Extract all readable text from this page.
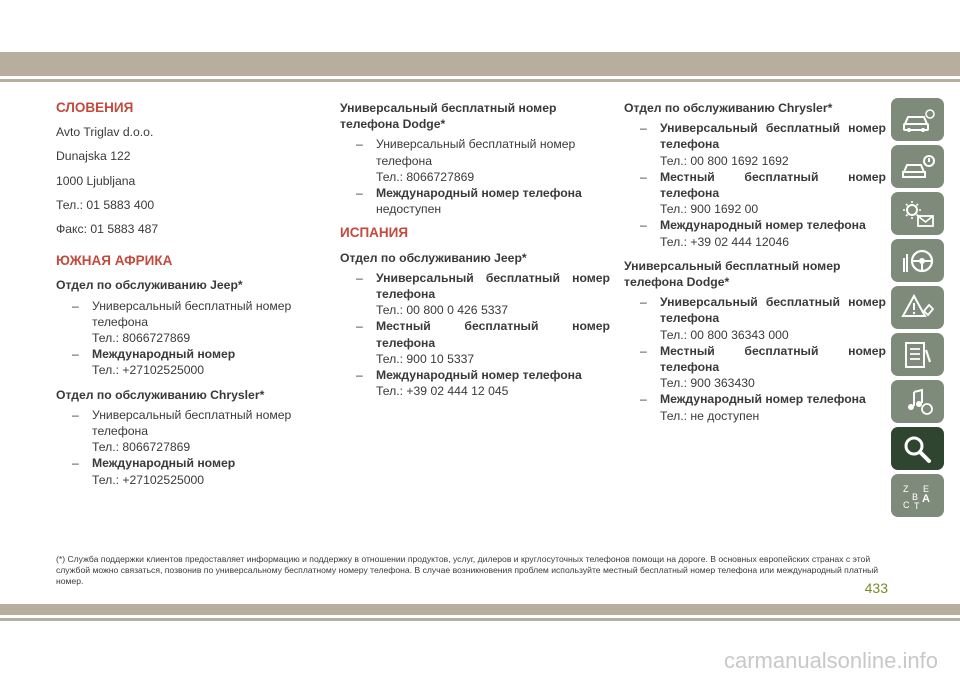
СЛОВЕНИЯ
Avto Triglav d.o.o.
Dunajska 122
1000 Ljubljana
Тел.: 01 5883 400
Факс: 01 5883 487
ЮЖНАЯ АФРИКА
Отдел по обслуживанию Jeep*
– Универсальный бесплатный номер телефона
Тел.: 8066727869
– Международный номер
Тел.: +27102525000
Отдел по обслуживанию Chrysler*
– Универсальный бесплатный номер телефона
Тел.: 8066727869
– Международный номер
Тел.: +27102525000
Универсальный бесплатный номер телефона Dodge*
– Универсальный бесплатный номер телефона
Тел.: 8066727869
– Международный номер телефона
недоступен
ИСПАНИЯ
Отдел по обслуживанию Jeep*
– Универсальный бесплатный номер телефона
Тел.: 00 800 0 426 5337
– Местный бесплатный номер телефона
Тел.: 900 10 5337
– Международный номер телефона
Тел.: +39 02 444 12 045
Отдел по обслуживанию Chrysler*
– Универсальный бесплатный номер телефона
Тел.: 00 800 1692 1692
– Местный бесплатный номер телефона
Тел.: 900 1692 00
– Международный номер телефона
Тел.: +39 02 444 12046
Универсальный бесплатный номер телефона Dodge*
– Универсальный бесплатный номер телефона
Тел.: 00 800 36343 000
– Местный бесплатный номер телефона
Тел.: 900 363430
– Международный номер телефона
Тел.: не доступен
Z E
B A
C T
(*) Служба поддержки клиентов предоставляет информацию и поддержку в отношении продуктов, услуг, дилеров и круглосуточных телефонов помощи на дороге. В основных европейских странах с этой службой можно связаться, позвонив по универсальному бесплатному номеру телефона. В случае возникновения проблем используйте местный бесплатный номер телефона или международный платный номер.	433
carmanualsonline.info
